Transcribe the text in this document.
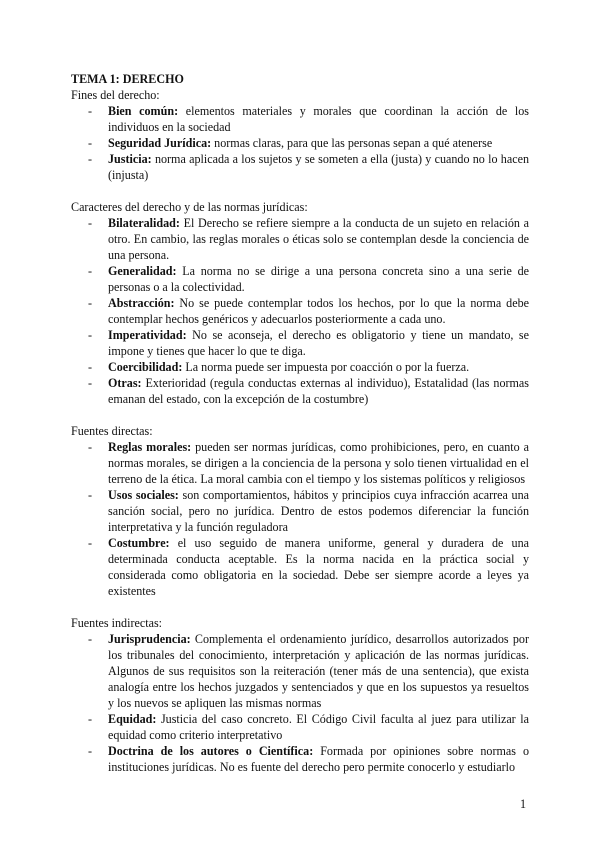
TEMA 1: DERECHO

Fines del derecho:

- Bien común: elementos materiales y morales que coordinan la acción de los individuos en la sociedad
- Seguridad Jurídica: normas claras, para que las personas sepan a qué atenerse
- Justicia: norma aplicada a los sujetos y se someten a ella (justa) y cuando no lo hacen (injusta)

Caracteres del derecho y de las normas jurídicas:

- Bilateralidad: El Derecho se refiere siempre a la conducta de un sujeto en relación a otro. En cambio, las reglas morales o éticas solo se contemplan desde la conciencia de una persona.
- Generalidad: La norma no se dirige a una persona concreta sino a una serie de personas o a la colectividad.
- Abstracción: No se puede contemplar todos los hechos, por lo que la norma debe contemplar hechos genéricos y adecuarlos posteriormente a cada uno.
- Imperatividad: No se aconseja, el derecho es obligatorio y tiene un mandato, se impone y tienes que hacer lo que te diga.
- Coercibilidad: La norma puede ser impuesta por coacción o por la fuerza.
- Otras: Exterioridad (regula conductas externas al individuo), Estatalidad (las normas emanan del estado, con la excepción de la costumbre)

Fuentes directas:

- Reglas morales: pueden ser normas jurídicas, como prohibiciones, pero, en cuanto a normas morales, se dirigen a la conciencia de la persona y solo tienen virtualidad en el terreno de la ética. La moral cambia con el tiempo y los sistemas políticos y religiosos
- Usos sociales: son comportamientos, hábitos y principios cuya infracción acarrea una sanción social, pero no jurídica. Dentro de estos podemos diferenciar la función interpretativa y la función reguladora
- Costumbre: el uso seguido de manera uniforme, general y duradera de una determinada conducta aceptable. Es la norma nacida en la práctica social y considerada como obligatoria en la sociedad. Debe ser siempre acorde a leyes ya existentes

Fuentes indirectas:

- Jurisprudencia: Complementa el ordenamiento jurídico, desarrollos autorizados por los tribunales del conocimiento, interpretación y aplicación de las normas jurídicas. Algunos de sus requisitos son la reiteración (tener más de una sentencia), que exista analogía entre los hechos juzgados y sentenciados y que en los supuestos ya resueltos y los nuevos se apliquen las mismas normas
- Equidad: Justicia del caso concreto. El Código Civil faculta al juez para utilizar la equidad como criterio interpretativo
- Doctrina de los autores o Científica: Formada por opiniones sobre normas o instituciones jurídicas. No es fuente del derecho pero permite conocerlo y estudiarlo
1
